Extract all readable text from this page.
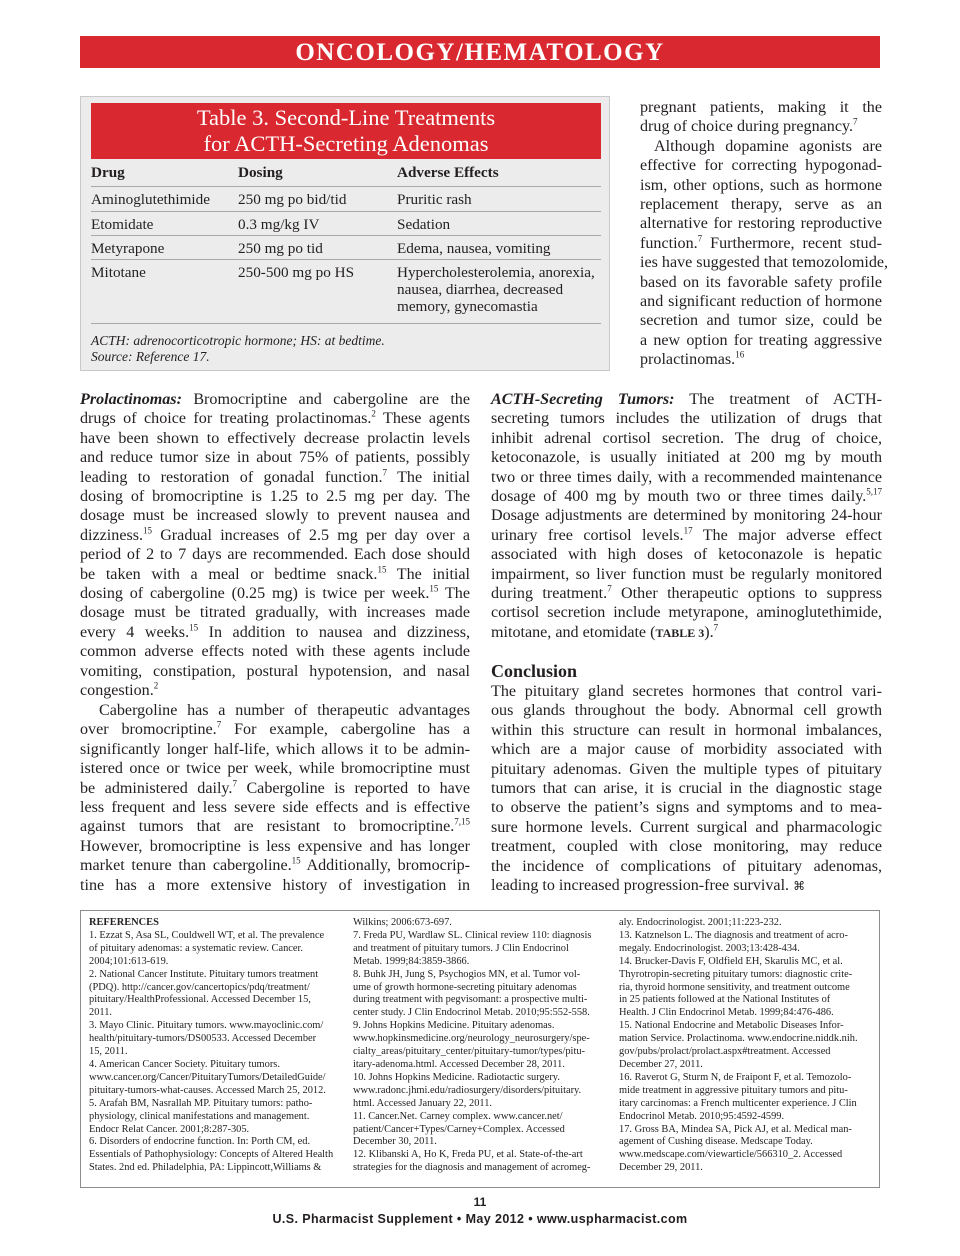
ONCOLOGY/HEMATOLOGY
Table 3. Second-Line Treatments
for ACTH-Secreting Adenomas
Drug	Dosing	Adverse Effects
Aminoglutethimide 250 mg po bid/tid	Pruritic rash
Etomidate	0.3 mg/kg IV	Sedation
Metyrapone	250 mg po tid	Edema, nausea, vomiting
Mitotane	250-500 mg po HS	Hypercholesterolemia, anorexia,
nausea, diarrhea, decreased
memory, gynecomastia
ACTH: adrenocorticotropic hormone; HS: at bedtime.
Source: Reference 17.
pregnant patients, making it the
drug of choice during pregnancy.$^7$
Although dopamine agonists are
effective for correcting hypogonad-
ism, other options, such as hormone
replacement therapy, serve as an
alternative for restoring reproductive
function.$^7$ Furthermore, recent stud-
ies have suggested that temozolomide,
based on its favorable safety profile
and significant reduction of hormone
secretion and tumor size, could be
a new option for treating aggressive
prolactinomas.$^{16}$
Prolactinomas: Bromocriptine and cabergoline are the
drugs of choice for treating prolactinomas.$^2$ These agents
have been shown to effectively decrease prolactin levels
and reduce tumor size in about 75% of patients, possibly
leading to restoration of gonadal function.$^7$ The initial
dosing of bromocriptine is 1.25 to 2.5 mg per day. The
dosage must be increased slowly to prevent nausea and
dizziness.$^{15}$ Gradual increases of 2.5 mg per day over a
period of 2 to 7 days are recommended. Each dose should
be taken with a meal or bedtime snack.$^{15}$ The initial
dosing of cabergoline (0.25 mg) is twice per week.$^{15}$ The
dosage must be titrated gradually, with increases made
every 4 weeks.$^{15}$ In addition to nausea and dizziness,
common adverse effects noted with these agents include
vomiting, constipation, postural hypotension, and nasal
congestion.$^2$
Cabergoline has a number of therapeutic advantages
over bromocriptine.$^7$ For example, cabergoline has a
significantly longer half-life, which allows it to be admin-
istered once or twice per week, while bromocriptine must
be administered daily.$^7$ Cabergoline is reported to have
less frequent and less severe side effects and is effective
against tumors that are resistant to bromocriptine.$^{7,15}$
However, bromocriptine is less expensive and has longer
market tenure than cabergoline.$^{15}$ Additionally, bromocrip-
tine has a more extensive history of investigation in
ACTH-Secreting Tumors: The treatment of ACTH-
secreting tumors includes the utilization of drugs that
inhibit adrenal cortisol secretion. The drug of choice,
ketoconazole, is usually initiated at 200 mg by mouth
two or three times daily, with a recommended maintenance
dosage of 400 mg by mouth two or three times daily.$^{5,17}$
Dosage adjustments are determined by monitoring 24-hour
urinary free cortisol levels.$^{17}$ The major adverse effect
associated with high doses of ketoconazole is hepatic
impairment, so liver function must be regularly monitored
during treatment.$^7$ Other therapeutic options to suppress
cortisol secretion include metyrapone, aminoglutethimide,
mitotane, and etomidate (TABLE 3).$^7$
Conclusion
The pituitary gland secretes hormones that control vari-
ous glands throughout the body. Abnormal cell growth
within this structure can result in hormonal imbalances,
which are a major cause of morbidity associated with
pituitary adenomas. Given the multiple types of pituitary
tumors that can arise, it is crucial in the diagnostic stage
to observe the patient’s signs and symptoms and to mea-
sure hormone levels. Current surgical and pharmacologic
treatment, coupled with close monitoring, may reduce
the incidence of complications of pituitary adenomas,
leading to increased progression-free survival. ⌘
REFERENCES
1. Ezzat S, Asa SL, Couldwell WT, et al. The prevalence
of pituitary adenomas: a systematic review. Cancer.
2004;101:613-619.
2. National Cancer Institute. Pituitary tumors treatment
(PDQ). http://cancer.gov/cancertopics/pdq/treatment/
pituitary/HealthProfessional. Accessed December 15,
2011.
3. Mayo Clinic. Pituitary tumors. www.mayoclinic.com/
health/pituitary-tumors/DS00533. Accessed December
15, 2011.
4. American Cancer Society. Pituitary tumors.
www.cancer.org/Cancer/PituitaryTumors/DetailedGuide/
pituitary-tumors-what-causes. Accessed March 25, 2012.
5. Arafah BM, Nasrallah MP. Pituitary tumors: patho-
physiology, clinical manifestations and management.
Endocr Relat Cancer. 2001;8:287-305.
6. Disorders of endocrine function. In: Porth CM, ed.
Essentials of Pathophysiology: Concepts of Altered Health
States. 2nd ed. Philadelphia, PA: Lippincott,Williams &
Wilkins; 2006:673-697.
7. Freda PU, Wardlaw SL. Clinical review 110: diagnosis
and treatment of pituitary tumors. J Clin Endocrinol
Metab. 1999;84:3859-3866.
8. Buhk JH, Jung S, Psychogios MN, et al. Tumor vol-
ume of growth hormone-secreting pituitary adenomas
during treatment with pegvisomant: a prospective multi-
center study. J Clin Endocrinol Metab. 2010;95:552-558.
9. Johns Hopkins Medicine. Pituitary adenomas.
www.hopkinsmedicine.org/neurology_neurosurgery/spe-
cialty_areas/pituitary_center/pituitary-tumor/types/pitu-
itary-adenoma.html. Accessed December 28, 2011.
10. Johns Hopkins Medicine. Radiotactic surgery.
www.radonc.jhmi.edu/radiosurgery/disorders/pituitary.
html. Accessed January 22, 2011.
11. Cancer.Net. Carney complex. www.cancer.net/
patient/Cancer+Types/Carney+Complex. Accessed
December 30, 2011.
12. Klibanski A, Ho K, Freda PU, et al. State-of-the-art
strategies for the diagnosis and management of acromeg-
aly. Endocrinologist. 2001;11:223-232.
13. Katznelson L. The diagnosis and treatment of acro-
megaly. Endocrinologist. 2003;13:428-434.
14. Brucker-Davis F, Oldfield EH, Skarulis MC, et al.
Thyrotropin-secreting pituitary tumors: diagnostic crite-
ria, thyroid hormone sensitivity, and treatment outcome
in 25 patients followed at the National Institutes of
Health. J Clin Endocrinol Metab. 1999;84:476-486.
15. National Endocrine and Metabolic Diseases Infor-
mation Service. Prolactinoma. www.endocrine.niddk.nih.
gov/pubs/prolact/prolact.aspx#treatment. Accessed
December 27, 2011.
16. Raverot G, Sturm N, de Fraipont F, et al. Temozolo-
mide treatment in aggressive pituitary tumors and pitu-
itary carcinomas: a French multicenter experience. J Clin
Endocrinol Metab. 2010;95:4592-4599.
17. Gross BA, Mindea SA, Pick AJ, et al. Medical man-
agement of Cushing disease. Medscape Today.
www.medscape.com/viewarticle/566310_2. Accessed
December 29, 2011.
11
U.S. Pharmacist Supplement • May 2012 • www.uspharmacist.com
